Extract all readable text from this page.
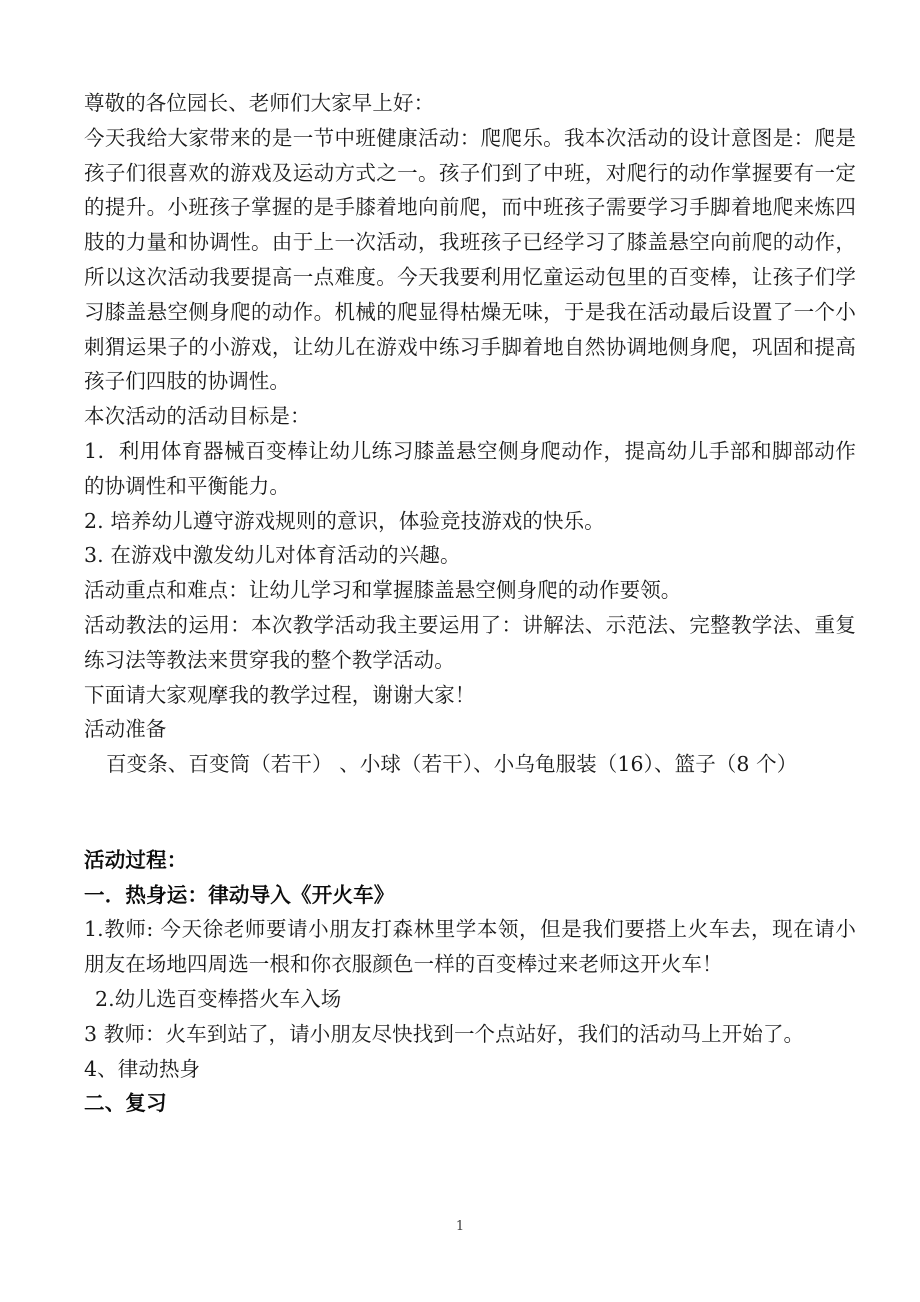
尊敬的各位园长、老师们大家早上好：

今天我给大家带来的是一节中班健康活动：爬爬乐。我本次活动的设计意图是：爬是孩子们很喜欢的游戏及运动方式之一。孩子们到了中班，对爬行的动作掌握要有一定的提升。小班孩子掌握的是手膝着地向前爬，而中班孩子需要学习手脚着地爬来炼四肢的力量和协调性。由于上一次活动，我班孩子已经学习了膝盖悬空向前爬的动作，所以这次活动我要提高一点难度。今天我要利用忆童运动包里的百变棒，让孩子们学习膝盖悬空侧身爬的动作。机械的爬显得枯燥无味，于是我在活动最后设置了一个小刺猬运果子的小游戏，让幼儿在游戏中练习手脚着地自然协调地侧身爬，巩固和提高孩子们四肢的协调性。

本次活动的活动目标是：

1．利用体育器械百变棒让幼儿练习膝盖悬空侧身爬动作，提高幼儿手部和脚部动作的协调性和平衡能力。

2. 培养幼儿遵守游戏规则的意识，体验竞技游戏的快乐。

3. 在游戏中激发幼儿对体育活动的兴趣。

活动重点和难点：让幼儿学习和掌握膝盖悬空侧身爬的动作要领。

活动教法的运用：本次教学活动我主要运用了：讲解法、示范法、完整教学法、重复练习法等教法来贯穿我的整个教学活动。

下面请大家观摩我的教学过程，谢谢大家！

活动准备

百变条、百变筒（若干） 、小球（若干）、小乌龟服装（16）、篮子（8 个）

活动过程：

一．热身运：律动导入《开火车》

1.教师: 今天徐老师要请小朋友打森林里学本领，但是我们要搭上火车去，现在请小朋友在场地四周选一根和你衣服颜色一样的百变棒过来老师这开火车！

2.幼儿选百变棒搭火车入场

3 教师：火车到站了，请小朋友尽快找到一个点站好，我们的活动马上开始了。

4、律动热身

二、复习

1
